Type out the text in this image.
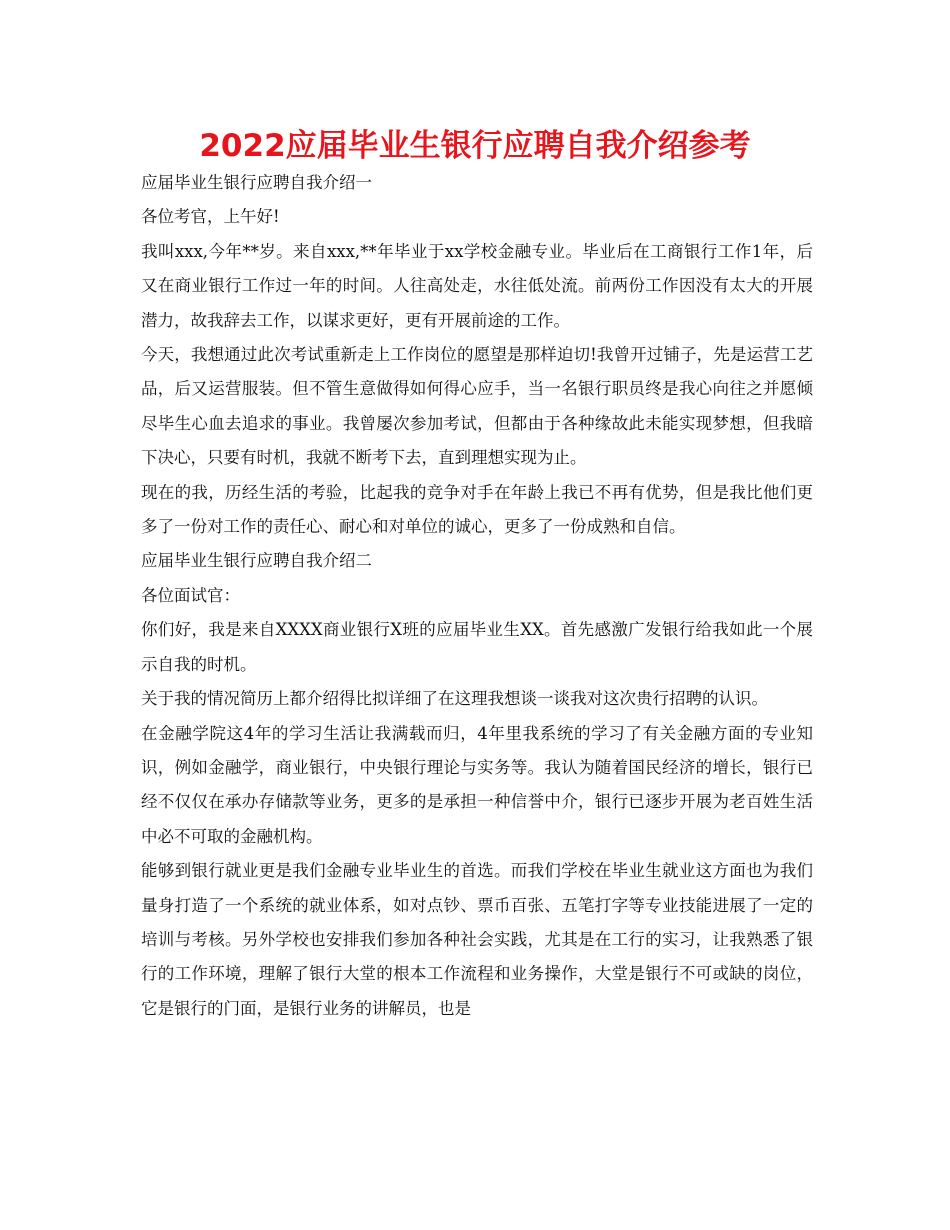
2022应届毕业生银行应聘自我介绍参考

应届毕业生银行应聘自我介绍一

各位考官，上午好!

我叫xxx,今年**岁。来自xxx,**年毕业于xx学校金融专业。毕业后在工商银行工作1年，后又在商业银行工作过一年的时间。人往高处走，水往低处流。前两份工作因没有太大的开展潜力，故我辞去工作，以谋求更好，更有开展前途的工作。

今天，我想通过此次考试重新走上工作岗位的愿望是那样迫切!我曾开过铺子，先是运营工艺品，后又运营服装。但不管生意做得如何得心应手，当一名银行职员终是我心向往之并愿倾尽毕生心血去追求的事业。我曾屡次参加考试，但都由于各种缘故此未能实现梦想，但我暗下决心，只要有时机，我就不断考下去，直到理想实现为止。

现在的我，历经生活的考验，比起我的竞争对手在年龄上我已不再有优势，但是我比他们更多了一份对工作的责任心、耐心和对单位的诚心，更多了一份成熟和自信。

应届毕业生银行应聘自我介绍二

各位面试官：

你们好，我是来自XXXX商业银行X班的应届毕业生XX。首先感激广发银行给我如此一个展示自我的时机。

关于我的情况简历上都介绍得比拟详细了在这理我想谈一谈我对这次贵行招聘的认识。

在金融学院这4年的学习生活让我满载而归，4年里我系统的学习了有关金融方面的专业知识，例如金融学，商业银行，中央银行理论与实务等。我认为随着国民经济的增长，银行已经不仅仅在承办存储款等业务，更多的是承担一种信誉中介，银行已逐步开展为老百姓生活中必不可取的金融机构。

能够到银行就业更是我们金融专业毕业生的首选。而我们学校在毕业生就业这方面也为我们量身打造了一个系统的就业体系，如对点钞、票币百张、五笔打字等专业技能进展了一定的培训与考核。另外学校也安排我们参加各种社会实践，尤其是在工行的实习，让我熟悉了银行的工作环境，理解了银行大堂的根本工作流程和业务操作，大堂是银行不可或缺的岗位，它是银行的门面，是银行业务的讲解员，也是
